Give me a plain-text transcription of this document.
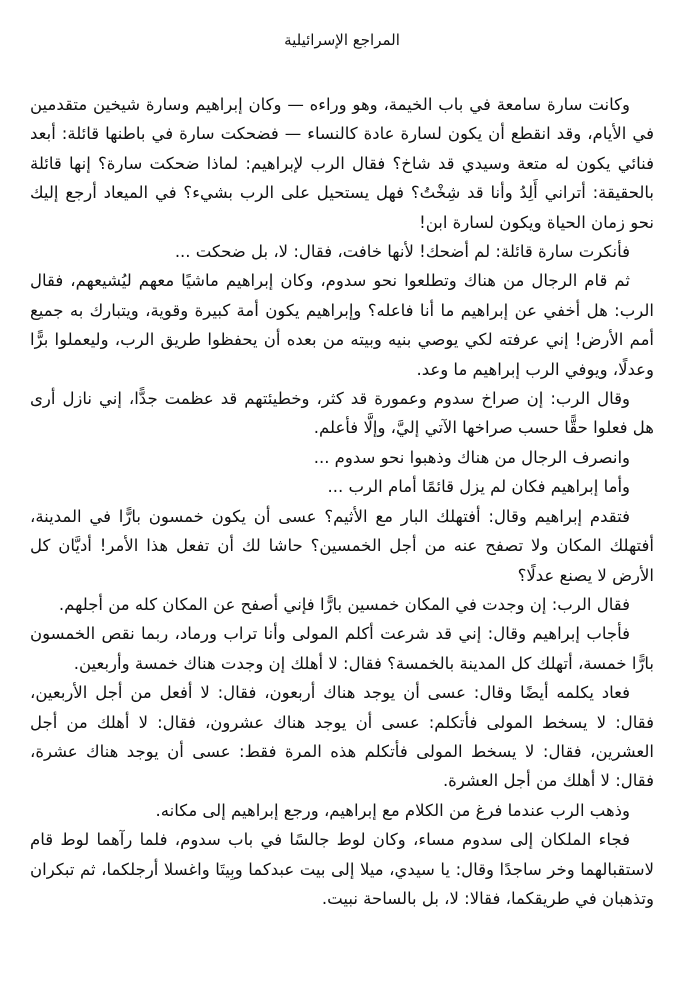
المراجع الإسرائيلية

وكانت سارة سامعة في باب الخيمة، وهو وراءه — وكان إبراهيم وسارة شيخين متقدمين في الأيام، وقد انقطع أن يكون لسارة عادة كالنساء — فضحكت سارة في باطنها قائلة: أبعد فنائي يكون له متعة وسيدي قد شاخ؟ فقال الرب لإبراهيم: لماذا ضحكت سارة؟ إنها قائلة بالحقيقة: أتراني أَلِدُ وأنا قد شِخْتُ؟ فهل يستحيل على الرب بشيء؟ في الميعاد أرجع إليك نحو زمان الحياة ويكون لسارة ابن!

فأنكرت سارة قائلة: لم أضحك! لأنها خافت، فقال: لا، بل ضحكت ...

ثم قام الرجال من هناك وتطلعوا نحو سدوم، وكان إبراهيم ماشيًا معهم ليُشيعهم، فقال الرب: هل أخفي عن إبراهيم ما أنا فاعله؟ وإبراهيم يكون أمة كبيرة وقوية، ويتبارك به جميع أمم الأرض! إني عرفته لكي يوصي بنيه وبيته من بعده أن يحفظوا طريق الرب، وليعملوا برًّا وعدلًا، ويوفي الرب إبراهيم ما وعد.

وقال الرب: إن صراخ سدوم وعمورة قد كثر، وخطيئتهم قد عظمت جدًّا، إني نازل أرى هل فعلوا حقًّا حسب صراخها الآتي إليَّ، وإلَّا فأعلم.

وانصرف الرجال من هناك وذهبوا نحو سدوم ...

وأما إبراهيم فكان لم يزل قائمًا أمام الرب ...

فتقدم إبراهيم وقال: أفتهلك البار مع الأثيم؟ عسى أن يكون خمسون بارًّا في المدينة، أفتهلك المكان ولا تصفح عنه من أجل الخمسين؟ حاشا لك أن تفعل هذا الأمر! أديَّان كل الأرض لا يصنع عدلًا؟

فقال الرب: إن وجدت في المكان خمسين بارًّا فإني أصفح عن المكان كله من أجلهم.

فأجاب إبراهيم وقال: إني قد شرعت أكلم المولى وأنا تراب ورماد، ربما نقص الخمسون بارًّا خمسة، أتهلك كل المدينة بالخمسة؟ فقال: لا أهلك إن وجدت هناك خمسة وأربعين.

فعاد يكلمه أيضًا وقال: عسى أن يوجد هناك أربعون، فقال: لا أفعل من أجل الأربعين، فقال: لا يسخط المولى فأتكلم: عسى أن يوجد هناك عشرون، فقال: لا أهلك من أجل العشرين، فقال: لا يسخط المولى فأتكلم هذه المرة فقط: عسى أن يوجد هناك عشرة، فقال: لا أهلك من أجل العشرة.

وذهب الرب عندما فرغ من الكلام مع إبراهيم، ورجع إبراهيم إلى مكانه.

فجاء الملكان إلى سدوم مساء، وكان لوط جالسًا في باب سدوم، فلما رآهما لوط قام لاستقبالهما وخر ساجدًا وقال: يا سيدي، ميلا إلى بيت عبدكما وبِيتَا واغسلا أرجلكما، ثم تبكران وتذهبان في طريقكما، فقالا: لا، بل بالساحة نبيت.
